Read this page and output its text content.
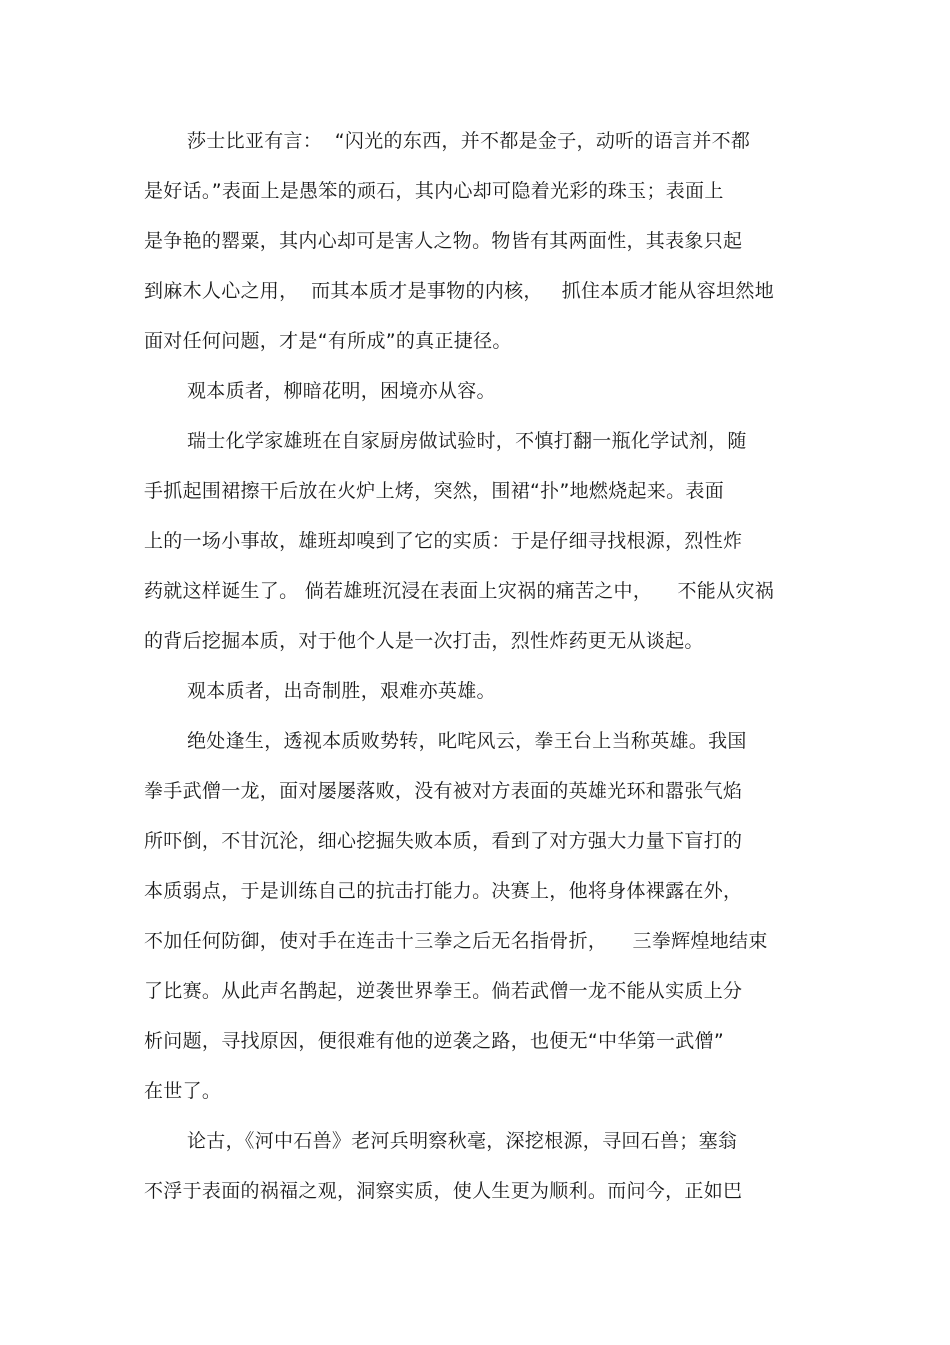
莎士比亚有言：  “闪光的东西，并不都是金子，动听的语言并不都
是好话。”表面上是愚笨的顽石，其内心却可隐着光彩的珠玉；表面上
是争艳的罂粟，其内心却可是害人之物。物皆有其两面性，其表象只起
到麻木人心之用，  而其本质才是事物的内核，   抓住本质才能从容坦然地
面对任何问题，才是“有所成”的真正捷径。
观本质者，柳暗花明，困境亦从容。
瑞士化学家雄班在自家厨房做试验时，不慎打翻一瓶化学试剂，随
手抓起围裙擦干后放在火炉上烤，突然，围裙“扑”地燃烧起来。表面
上的一场小事故，雄班却嗅到了它的实质：于是仔细寻找根源，烈性炸
药就这样诞生了。 倘若雄班沉浸在表面上灾祸的痛苦之中，    不能从灾祸
的背后挖掘本质，对于他个人是一次打击，烈性炸药更无从谈起。
观本质者，出奇制胜，艰难亦英雄。
绝处逢生，透视本质败势转，叱咤风云，拳王台上当称英雄。我国
拳手武僧一龙，面对屡屡落败，没有被对方表面的英雄光环和嚣张气焰
所吓倒，不甘沉沦，细心挖掘失败本质，看到了对方强大力量下盲打的
本质弱点，于是训练自己的抗击打能力。决赛上，他将身体裸露在外，
不加任何防御，使对手在连击十三拳之后无名指骨折，    三拳辉煌地结束
了比赛。从此声名鹊起，逆袭世界拳王。倘若武僧一龙不能从实质上分
析问题，寻找原因，便很难有他的逆袭之路，也便无“中华第一武僧”
在世了。
论古，《河中石兽》老河兵明察秋毫，深挖根源，寻回石兽；塞翁
不浮于表面的祸福之观，洞察实质，使人生更为顺利。而问今，正如巴
